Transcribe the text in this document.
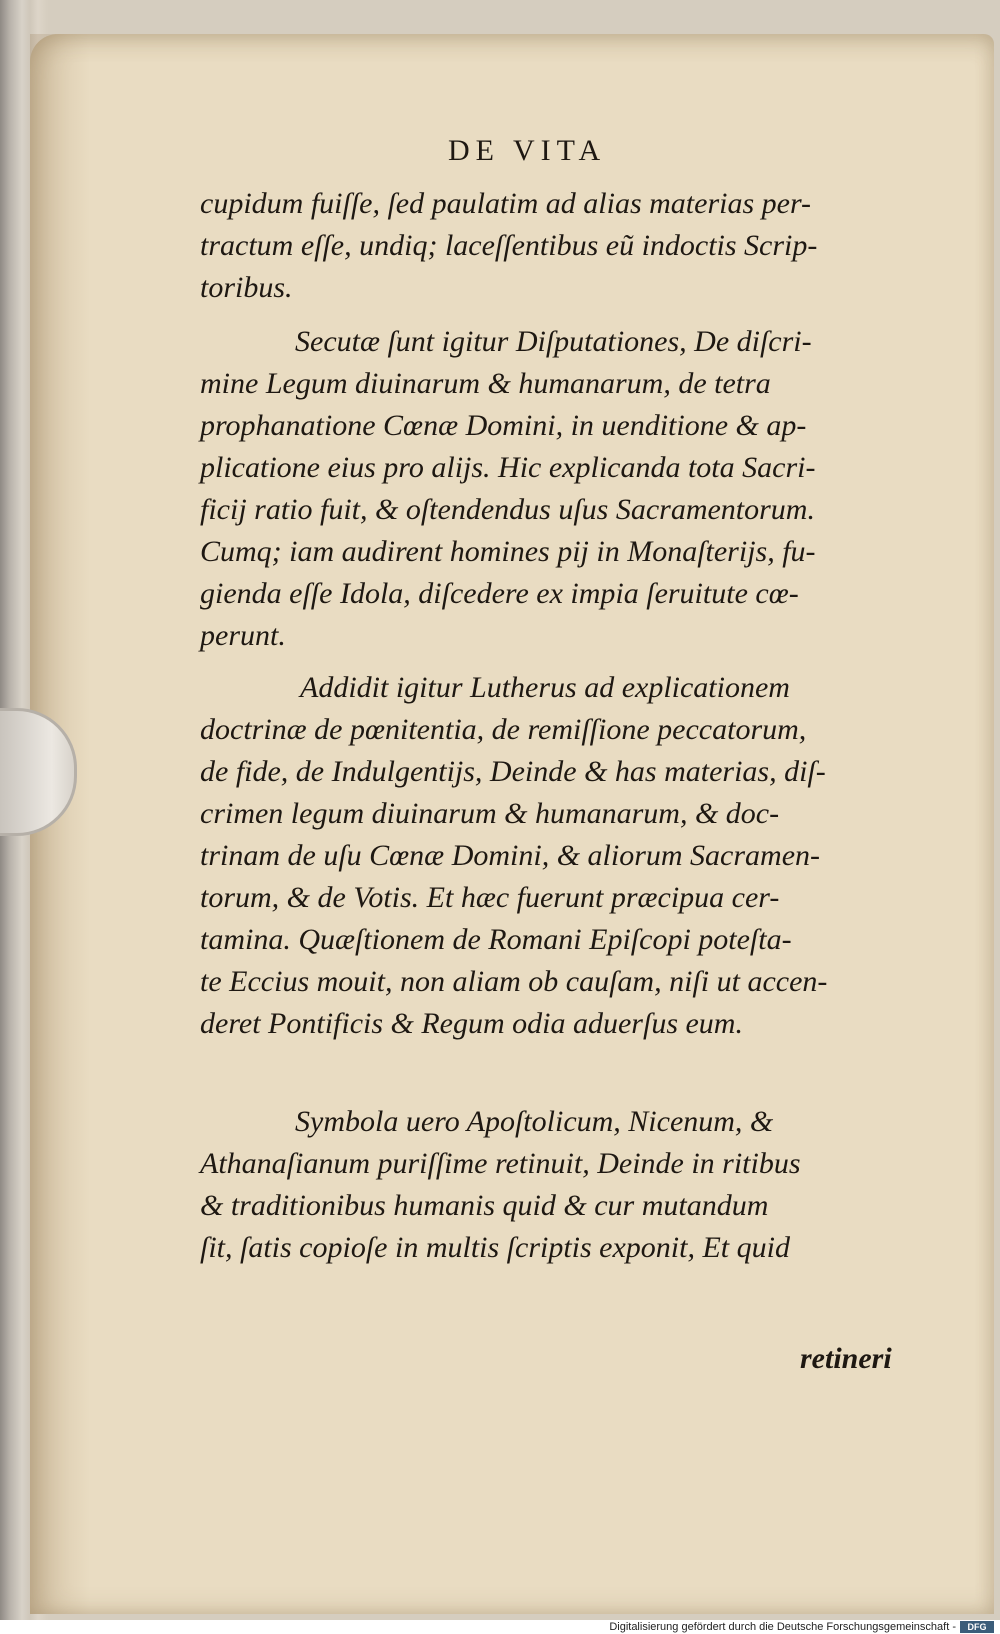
DE VITA
cupidum fuiſſe, ſed paulatim ad alias materias per-
tractum eſſe, undiq; laceſſentibus eũ indoctis Scrip-
toribus.
Secutæ ſunt igitur Diſputationes, De diſcri-
mine Legum diuinarum & humanarum, de tetra
prophanatione Cœnæ Domini, in uenditione & ap-
plicatione eius pro alijs. Hic explicanda tota Sacri-
ficij ratio fuit, & oſtendendus uſus Sacramentorum.
Cumq; iam audirent homines pij in Monaſterijs, fu-
gienda eſſe Idola, diſcedere ex impia ſeruitute cœ-
perunt.
Addidit igitur Lutherus ad explicationem
doctrinæ de pœnitentia, de remiſſione peccatorum,
de fide, de Indulgentijs, Deinde & has materias, diſ-
crimen legum diuinarum & humanarum, & doc-
trinam de uſu Cœnæ Domini, & aliorum Sacramen-
torum, & de Votis. Et hæc fuerunt præcipua cer-
tamina. Quæſtionem de Romani Epiſcopi poteſta-
te Eccius mouit, non aliam ob cauſam, niſi ut accen-
deret Pontificis & Regum odia aduerſus eum.
Symbola uero Apoſtolicum, Nicenum, &
Athanaſianum puriſſime retinuit, Deinde in ritibus
& traditionibus humanis quid & cur mutandum
ſit, ſatis copioſe in multis ſcriptis exponit, Et quid
retineri
Digitalisierung gefördert durch die Deutsche Forschungsgemeinschaft -	DFG
